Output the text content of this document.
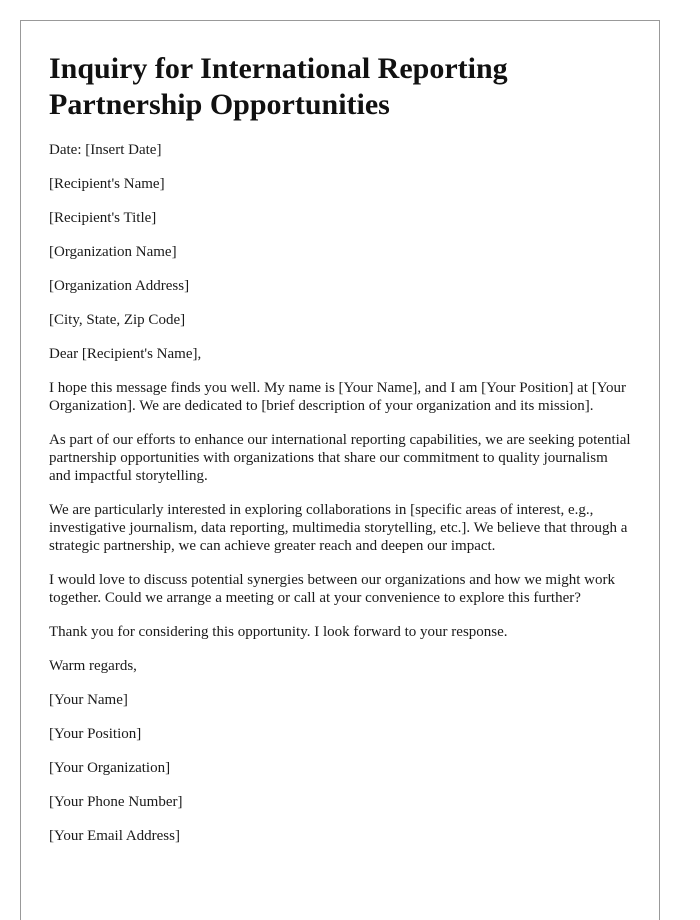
Inquiry for International Reporting Partnership Opportunities

Date: [Insert Date]

[Recipient's Name]

[Recipient's Title]

[Organization Name]

[Organization Address]

[City, State, Zip Code]

Dear [Recipient's Name],

I hope this message finds you well. My name is [Your Name], and I am [Your Position] at [Your Organization]. We are dedicated to [brief description of your organization and its mission].

As part of our efforts to enhance our international reporting capabilities, we are seeking potential partnership opportunities with organizations that share our commitment to quality journalism and impactful storytelling.

We are particularly interested in exploring collaborations in [specific areas of interest, e.g., investigative journalism, data reporting, multimedia storytelling, etc.]. We believe that through a strategic partnership, we can achieve greater reach and deepen our impact.

I would love to discuss potential synergies between our organizations and how we might work together. Could we arrange a meeting or call at your convenience to explore this further?

Thank you for considering this opportunity. I look forward to your response.

Warm regards,

[Your Name]

[Your Position]

[Your Organization]

[Your Phone Number]

[Your Email Address]
